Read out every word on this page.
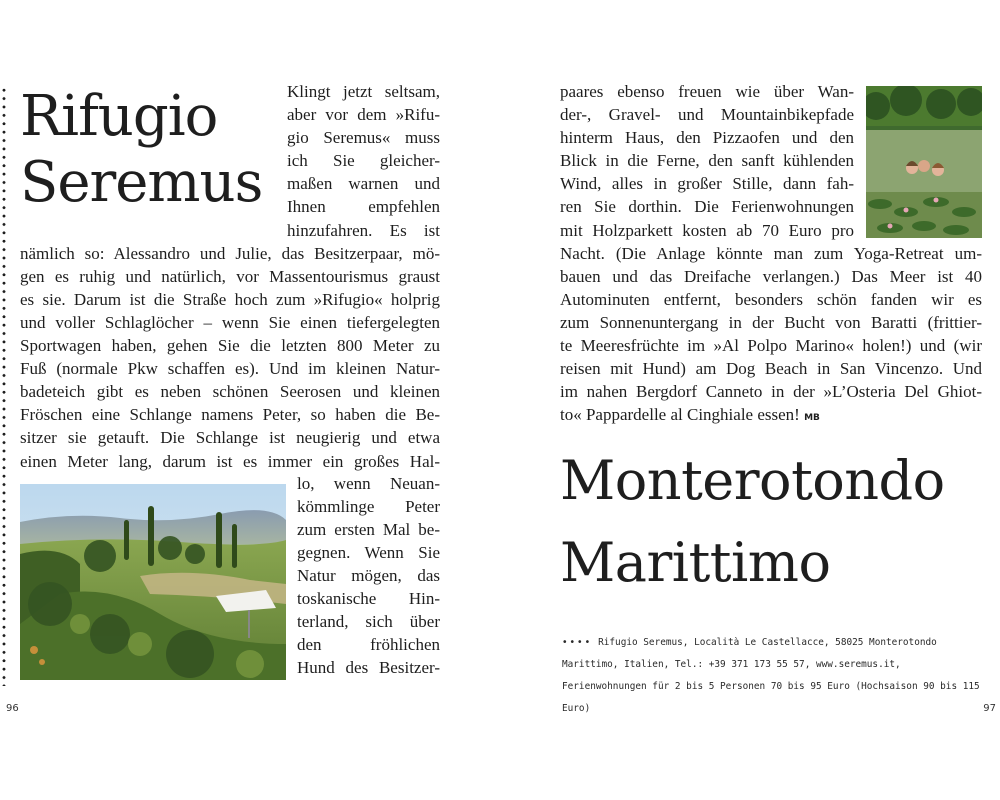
Rifugio
Seremus
Klingt jetzt seltsam,
aber vor dem »Rifu-
gio Seremus« muss
ich Sie gleicher-
maßen warnen und
Ihnen empfehlen
hinzufahren. Es ist
nämlich so: Alessandro und Julie, das Besitzerpaar, mö-
gen es ruhig und natürlich, vor Massentourismus graust
es sie. Darum ist die Straße hoch zum »Rifugio« holprig
und voller Schlaglöcher – wenn Sie einen tiefergelegten
Sportwagen haben, gehen Sie die letzten 800 Meter zu
Fuß (normale Pkw schaffen es). Und im kleinen Natur-
badeteich gibt es neben schönen Seerosen und kleinen
Fröschen eine Schlange namens Peter, so haben die Be-
sitzer sie getauft. Die Schlange ist neugierig und etwa
einen Meter lang, darum ist es immer ein großes Hal-
lo, wenn Neuan-
kömmlinge Peter
zum ersten Mal be-
gegnen. Wenn Sie
Natur mögen, das
toskanische Hin-
terland, sich über
den fröhlichen
Hund des Besitzer-
96
paares ebenso freuen wie über Wan-
der-, Gravel- und Mountainbikepfade
hinterm Haus, den Pizzaofen und den
Blick in die Ferne, den sanft kühlenden
Wind, alles in großer Stille, dann fah-
ren Sie dorthin. Die Ferienwohnungen
mit Holzparkett kosten ab 70 Euro pro
Nacht. (Die Anlage könnte man zum Yoga-Retreat um-
bauen und das Dreifache verlangen.) Das Meer ist 40
Autominuten entfernt, besonders schön fanden wir es
zum Sonnenuntergang in der Bucht von Baratti (frittier-
te Meeresfrüchte im »Al Polpo Marino« holen!) und (wir
reisen mit Hund) am Dog Beach in San Vincenzo. Und
im nahen Bergdorf Canneto in der »L’Osteria Del Ghiot-
to« Pappardelle al Cinghiale essen! MB
Monterotondo
Marittimo

•••• Rifugio Seremus, Località Le Castellacce, 58025 Monterotondo Marittimo, Italien, Tel.: +39 371 173 55 57, www.seremus.it, Ferienwohnungen für 2 bis 5 Personen 70 bis 95 Euro (Hochsaison 90 bis 115 Euro)	97
